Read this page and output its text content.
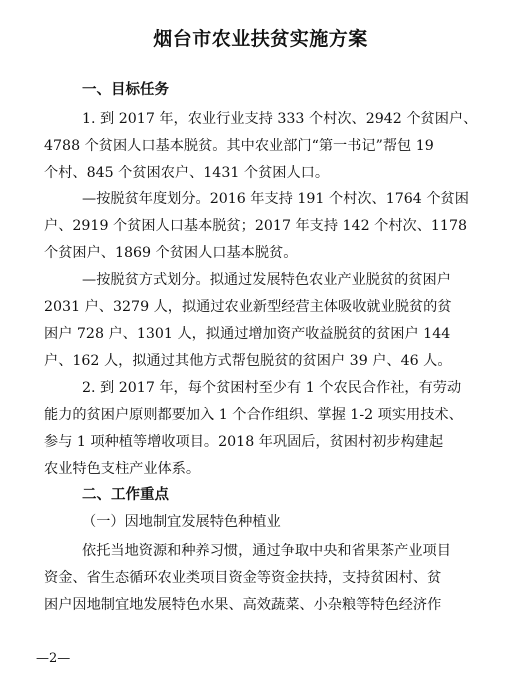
烟台市农业扶贫实施方案
一、目标任务
1. 到 2017 年，农业行业支持 333 个村次、2942 个贫困户、
4788 个贫困人口基本脱贫。其中农业部门“第一书记”帮包 19
个村、845 个贫困农户、1431 个贫困人口。
—按脱贫年度划分。2016 年支持 191 个村次、1764 个贫困
户、2919 个贫困人口基本脱贫；2017 年支持 142 个村次、1178
个贫困户、1869 个贫困人口基本脱贫。
—按脱贫方式划分。拟通过发展特色农业产业脱贫的贫困户
2031 户、3279 人，拟通过农业新型经营主体吸收就业脱贫的贫
困户 728 户、1301 人，拟通过增加资产收益脱贫的贫困户 144
户、162 人，拟通过其他方式帮包脱贫的贫困户 39 户、46 人。
2. 到 2017 年，每个贫困村至少有 1 个农民合作社，有劳动
能力的贫困户原则都要加入 1 个合作组织、掌握 1-2 项实用技术、
参与 1 项种植等增收项目。2018 年巩固后，贫困村初步构建起
农业特色支柱产业体系。
二、工作重点
（一）因地制宜发展特色种植业
依托当地资源和种养习惯，通过争取中央和省果茶产业项目
资金、省生态循环农业类项目资金等资金扶持，支持贫困村、贫
困户因地制宜地发展特色水果、高效蔬菜、小杂粮等特色经济作
—2—
